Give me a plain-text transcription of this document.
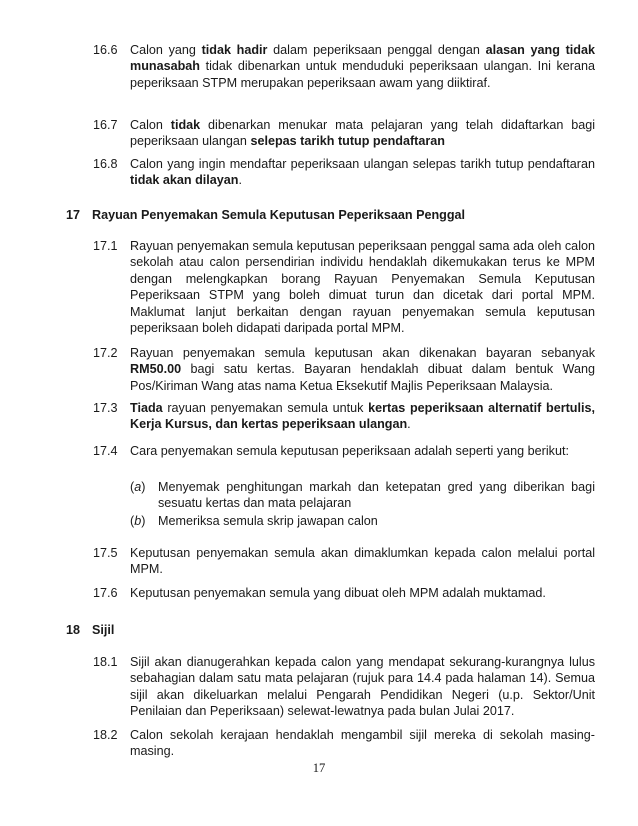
16.6 Calon yang tidak hadir dalam peperiksaan penggal dengan alasan yang tidak munasabah tidak dibenarkan untuk menduduki peperiksaan ulangan. Ini kerana peperiksaan STPM merupakan peperiksaan awam yang diiktiraf.
16.7 Calon tidak dibenarkan menukar mata pelajaran yang telah didaftarkan bagi peperiksaan ulangan selepas tarikh tutup pendaftaran
16.8 Calon yang ingin mendaftar peperiksaan ulangan selepas tarikh tutup pendaftaran tidak akan dilayan.
17 Rayuan Penyemakan Semula Keputusan Peperiksaan Penggal
17.1 Rayuan penyemakan semula keputusan peperiksaan penggal sama ada oleh calon sekolah atau calon persendirian individu hendaklah dikemukakan terus ke MPM dengan melengkapkan borang Rayuan Penyemakan Semula Keputusan Peperiksaan STPM yang boleh dimuat turun dan dicetak dari portal MPM. Maklumat lanjut berkaitan dengan rayuan penyemakan semula keputusan peperiksaan boleh didapati daripada portal MPM.
17.2 Rayuan penyemakan semula keputusan akan dikenakan bayaran sebanyak RM50.00 bagi satu kertas. Bayaran hendaklah dibuat dalam bentuk Wang Pos/Kiriman Wang atas nama Ketua Eksekutif Majlis Peperiksaan Malaysia.
17.3 Tiada rayuan penyemakan semula untuk kertas peperiksaan alternatif bertulis, Kerja Kursus, dan kertas peperiksaan ulangan.
17.4 Cara penyemakan semula keputusan peperiksaan adalah seperti yang berikut:
(a) Menyemak penghitungan markah dan ketepatan gred yang diberikan bagi sesuatu kertas dan mata pelajaran
(b) Memeriksa semula skrip jawapan calon
17.5 Keputusan penyemakan semula akan dimaklumkan kepada calon melalui portal MPM.
17.6 Keputusan penyemakan semula yang dibuat oleh MPM adalah muktamad.
18 Sijil
18.1 Sijil akan dianugerahkan kepada calon yang mendapat sekurang-kurangnya lulus sebahagian dalam satu mata pelajaran (rujuk para 14.4 pada halaman 14). Semua sijil akan dikeluarkan melalui Pengarah Pendidikan Negeri (u.p. Sektor/Unit Penilaian dan Peperiksaan) selewat-lewatnya pada bulan Julai 2017.
18.2 Calon sekolah kerajaan hendaklah mengambil sijil mereka di sekolah masing-masing.
17
